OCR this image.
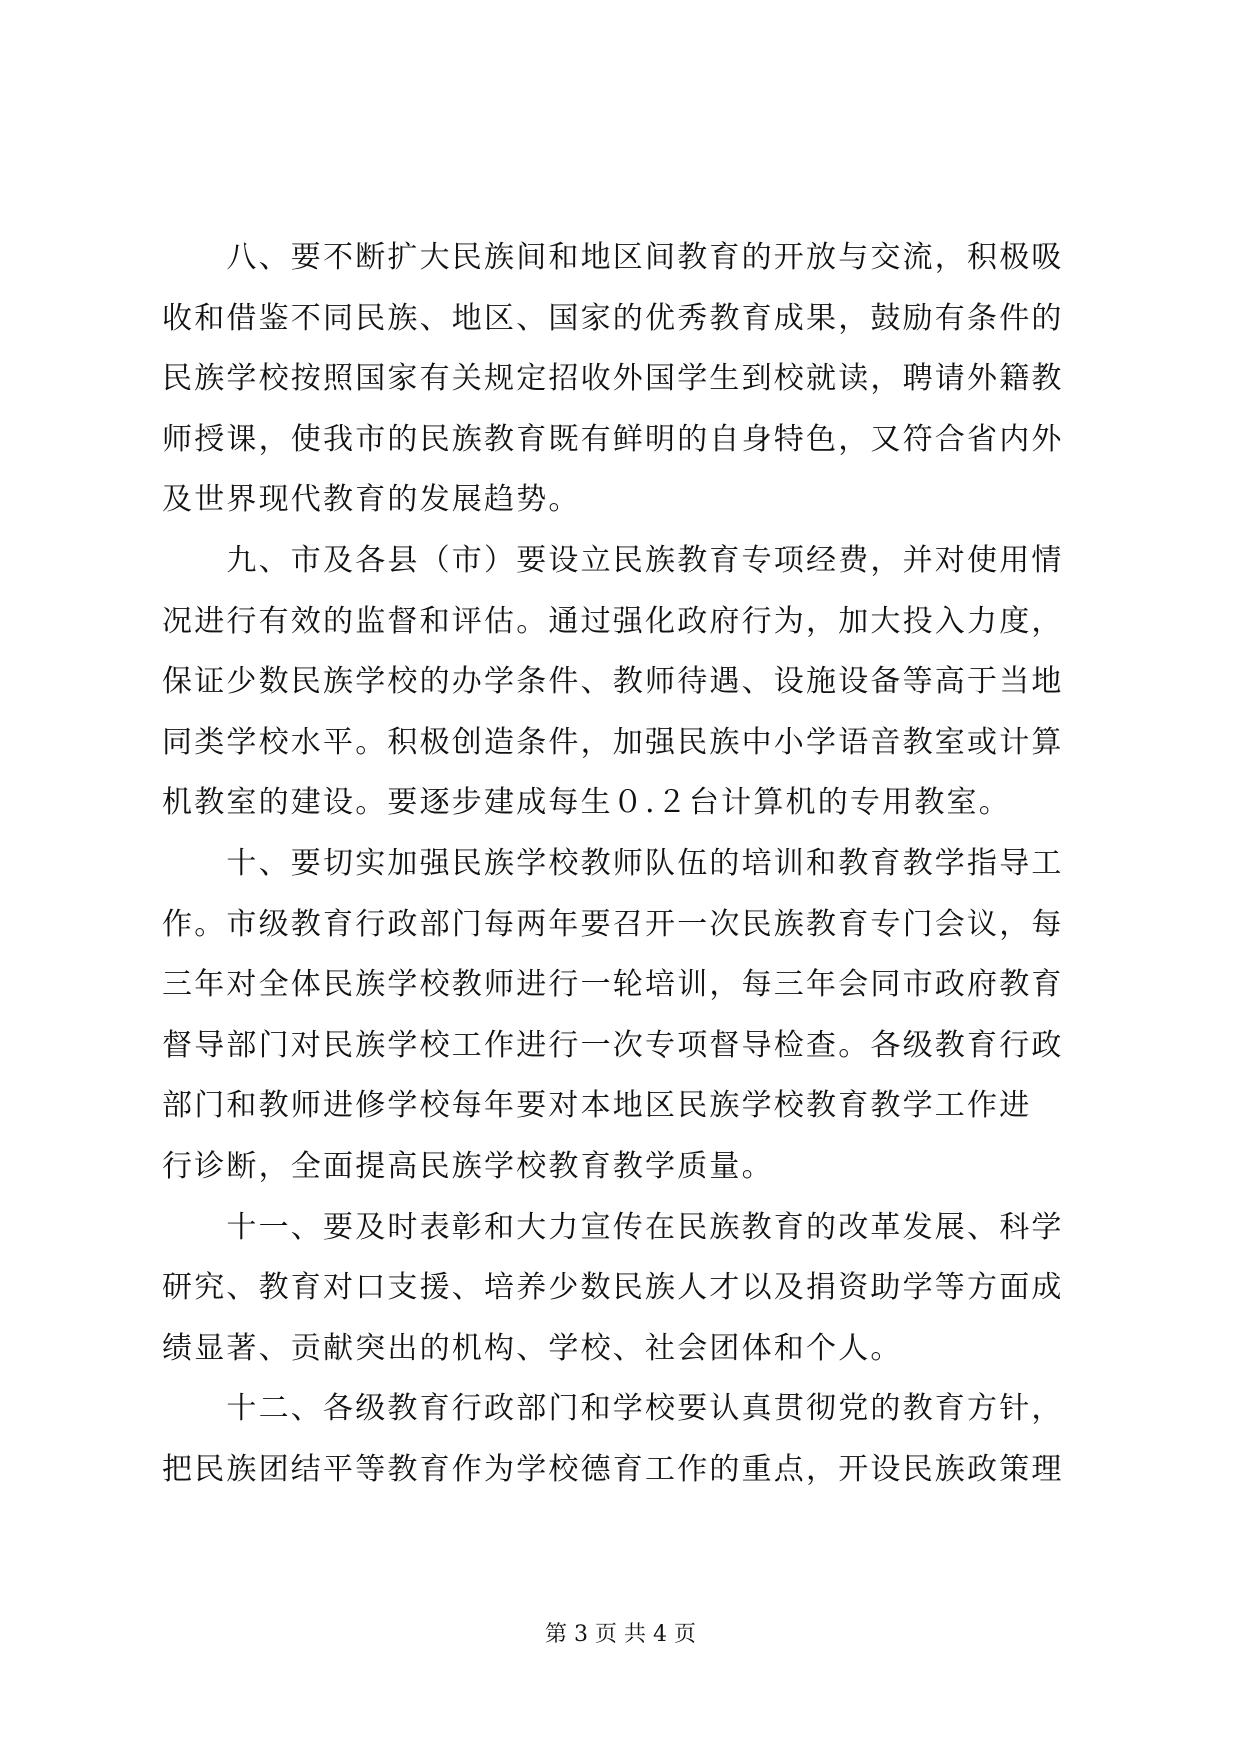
　　八、要不断扩大民族间和地区间教育的开放与交流，积极吸

收和借鉴不同民族、地区、国家的优秀教育成果，鼓励有条件的

民族学校按照国家有关规定招收外国学生到校就读，聘请外籍教

师授课，使我市的民族教育既有鲜明的自身特色，又符合省内外

及世界现代教育的发展趋势。

　　九、市及各县（市）要设立民族教育专项经费，并对使用情

况进行有效的监督和评估。通过强化政府行为，加大投入力度，

保证少数民族学校的办学条件、教师待遇、设施设备等高于当地

同类学校水平。积极创造条件，加强民族中小学语音教室或计算

机教室的建设。要逐步建成每生０.２台计算机的专用教室。

　　十、要切实加强民族学校教师队伍的培训和教育教学指导工

作。市级教育行政部门每两年要召开一次民族教育专门会议，每

三年对全体民族学校教师进行一轮培训，每三年会同市政府教育

督导部门对民族学校工作进行一次专项督导检查。各级教育行政

部门和教师进修学校每年要对本地区民族学校教育教学工作进

行诊断，全面提高民族学校教育教学质量。

　　十一、要及时表彰和大力宣传在民族教育的改革发展、科学

研究、教育对口支援、培养少数民族人才以及捐资助学等方面成

绩显著、贡献突出的机构、学校、社会团体和个人。

　　十二、各级教育行政部门和学校要认真贯彻党的教育方针，

把民族团结平等教育作为学校德育工作的重点，开设民族政策理

第 3 页 共 4 页
